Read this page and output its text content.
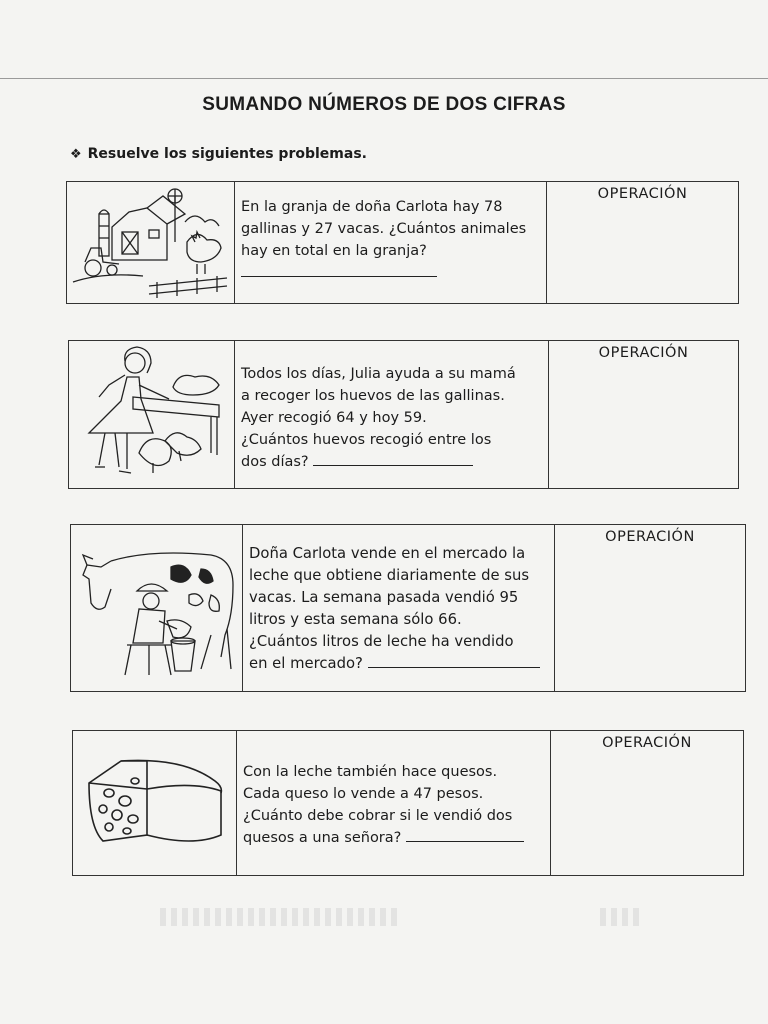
SUMANDO NÚMEROS DE DOS CIFRAS
❖ Resuelve los siguientes problemas.
En la granja de doña Carlota hay 78
gallinas y 27 vacas. ¿Cuántos animales
hay en total en la granja?
OPERACIÓN
Todos los días, Julia ayuda a su mamá
a recoger los huevos de las gallinas.
Ayer recogió 64 y hoy 59.
¿Cuántos huevos recogió entre los
dos días?
OPERACIÓN
Doña Carlota vende en el mercado la
leche que obtiene diariamente de sus
vacas. La semana pasada vendió 95
litros y esta semana sólo 66.
¿Cuántos litros de leche ha vendido
en el mercado?
OPERACIÓN
Con la leche también hace quesos.
Cada queso lo vende a 47 pesos.
¿Cuánto debe cobrar si le vendió dos
quesos a una señora?
OPERACIÓN
